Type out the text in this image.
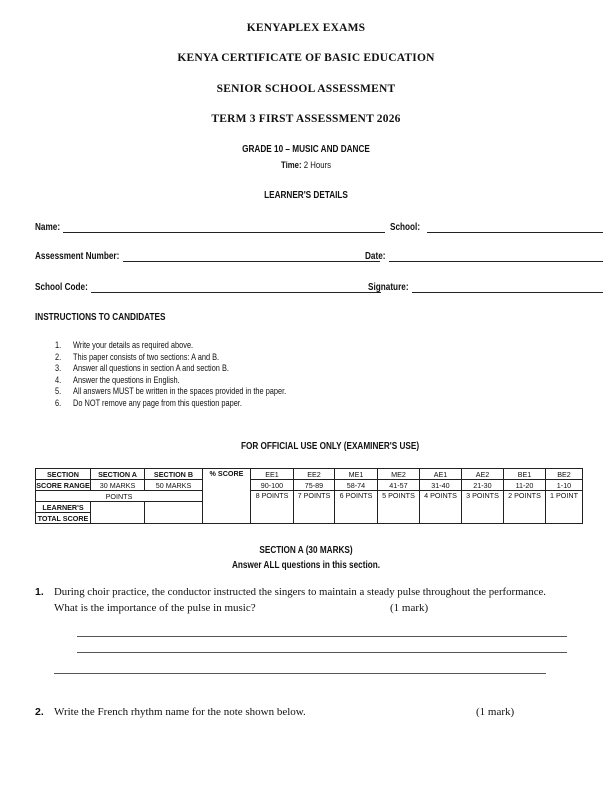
KENYAPLEX EXAMS
KENYA CERTIFICATE OF BASIC EDUCATION
SENIOR SCHOOL ASSESSMENT
TERM 3 FIRST ASSESSMENT 2026
GRADE 10 – MUSIC AND DANCE
Time: 2 Hours
LEARNER'S DETAILS
Name:	School:
Assessment Number:	Date:
School Code:	Signature:
INSTRUCTIONS TO CANDIDATES
1. Write your details as required above.
2. This paper consists of two sections: A and B.
3. Answer all questions in section A and section B.
4. Answer the questions in English.
5. All answers MUST be written in the spaces provided in the paper.
6. Do NOT remove any page from this question paper.
FOR OFFICIAL USE ONLY (EXAMINER'S USE)
SECTION	SECTION A	SECTION B	% SCORE	EE1	EE2	ME1	ME2	AE1	AE2	BE1	BE2
SCORE RANGE	30 MARKS	50 MARKS		90-100	75-89	58-74	41-57	31-40	21-30	11-20	1-10
POINTS				8 POINTS	7 POINTS	6 POINTS	5 POINTS	4 POINTS	3 POINTS	2 POINTS	1 POINT
LEARNER'S											
TOTAL SCORE											
SECTION A (30 MARKS)
Answer ALL questions in this section.
1. During choir practice, the conductor instructed the singers to maintain a steady pulse throughout the performance.
What is the importance of the pulse in music?	(1 mark)
2. Write the French rhythm name for the note shown below.	(1 mark)
